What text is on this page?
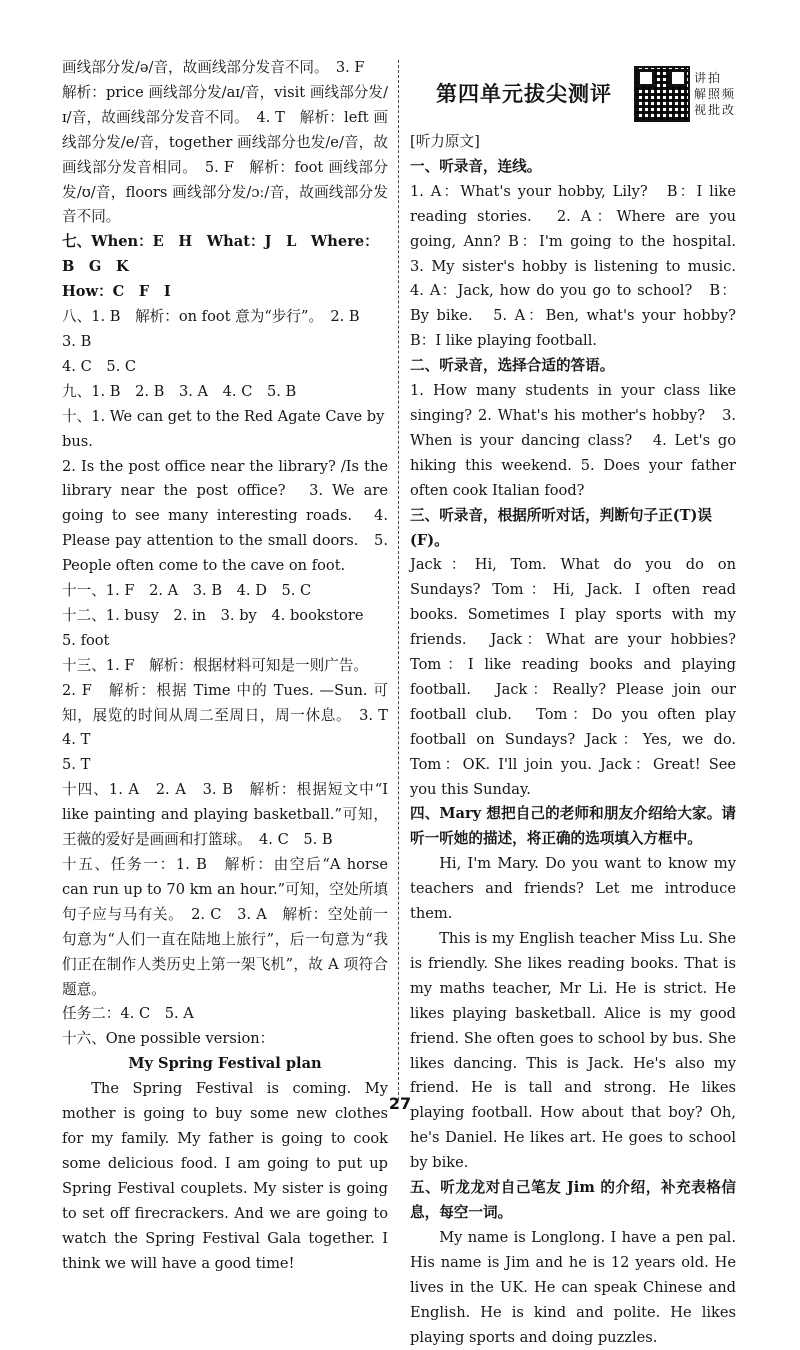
画线部分发/ə/音，故画线部分发音不同。　3. F

解析：price 画线部分发/aɪ/音，visit 画线部分发/ɪ/音，故画线部分发音不同。　4. T　解析：left 画线部分发/e/音，together 画线部分也发/e/音，故画线部分发音相同。　5. F　解析：foot 画线部分发/ʊ/音，floors 画线部分发/ɔː/音，故画线部分发音不同。

七、When：E　H　What：J　L　Where：B　G　K

How：C　F　I

八、1. B　解析：on foot 意为“步行”。　2. B　3. B

4. C　5. C

九、1. B　2. B　3. A　4. C　5. B

十、1. We can get to the Red Agate Cave by bus.

2. Is the post office near the library? /Is the library near the post office?　3. We are going to see many interesting roads.　4. Please pay attention to the small doors.　5. People often come to the cave on foot.

十一、1. F　2. A　3. B　4. D　5. C

十二、1. busy　2. in　3. by　4. bookstore　5. foot

十三、1. F　解析：根据材料可知是一则广告。

2. F　解析：根据 Time 中的 Tues. —Sun. 可知，展览的时间从周二至周日，周一休息。　3. T　4. T

5. T

十四、1. A　2. A　3. B　解析：根据短文中“I like painting and playing basketball.”可知，王薇的爱好是画画和打篮球。　4. C　5. B

十五、任务一：1. B　解析：由空后“A horse can run up to 70 km an hour.”可知，空处所填句子应与马有关。　2. C　3. A　解析：空处前一句意为“人们一直在陆地上旅行”，后一句意为“我们正在制作人类历史上第一架飞机”，故 A 项符合题意。

任务二：4. C　5. A

十六、One possible version：

My Spring Festival plan

The Spring Festival is coming. My mother is going to buy some new clothes for my family. My father is going to cook some delicious food. I am going to put up Spring Festival couplets. My sister is going to set off firecrackers. And we are going to watch the Spring Festival Gala together. I think we will have a good time!

第四单元拔尖测评
讲
解
视
拍
照
批
频
改

[听力原文]

一、听录音，连线。

1. A：What's your hobby, Lily?　B：I like reading stories.　2. A：Where are you going, Ann? B：I'm going to the hospital.　3. My sister's hobby is listening to music.　4. A：Jack, how do you go to school?　B：By bike.　5. A：Ben, what's your hobby?　B：I like playing football.

二、听录音，选择合适的答语。

1. How many students in your class like singing? 2. What's his mother's hobby?　3. When is your dancing class?　4. Let's go hiking this weekend. 5. Does your father often cook Italian food?

三、听录音，根据所听对话，判断句子正(T)误(F)。

Jack：Hi, Tom. What do you do on Sundays? Tom：Hi, Jack. I often read books. Sometimes I play sports with my friends.　Jack：What are your hobbies?　Tom：I like reading books and playing football.　Jack：Really? Please join our football club.　Tom：Do you often play football on Sundays? Jack：Yes, we do.　Tom：OK. I'll join you. Jack：Great! See you this Sunday.

四、Mary 想把自己的老师和朋友介绍给大家。请听一听她的描述，将正确的选项填入方框中。

Hi, I'm Mary. Do you want to know my teachers and friends? Let me introduce them.

This is my English teacher Miss Lu. She is friendly. She likes reading books. That is my maths teacher, Mr Li. He is strict. He likes playing basketball. Alice is my good friend. She often goes to school by bus. She likes dancing. This is Jack. He's also my friend. He is tall and strong. He likes playing football. How about that boy? Oh, he's Daniel. He likes art. He goes to school by bike.

五、听龙龙对自己笔友 Jim 的介绍，补充表格信息，每空一词。

My name is Longlong. I have a pen pal. His name is Jim and he is 12 years old. He lives in the UK. He can speak Chinese and English. He is kind and polite. He likes playing sports and doing puzzles.

27
